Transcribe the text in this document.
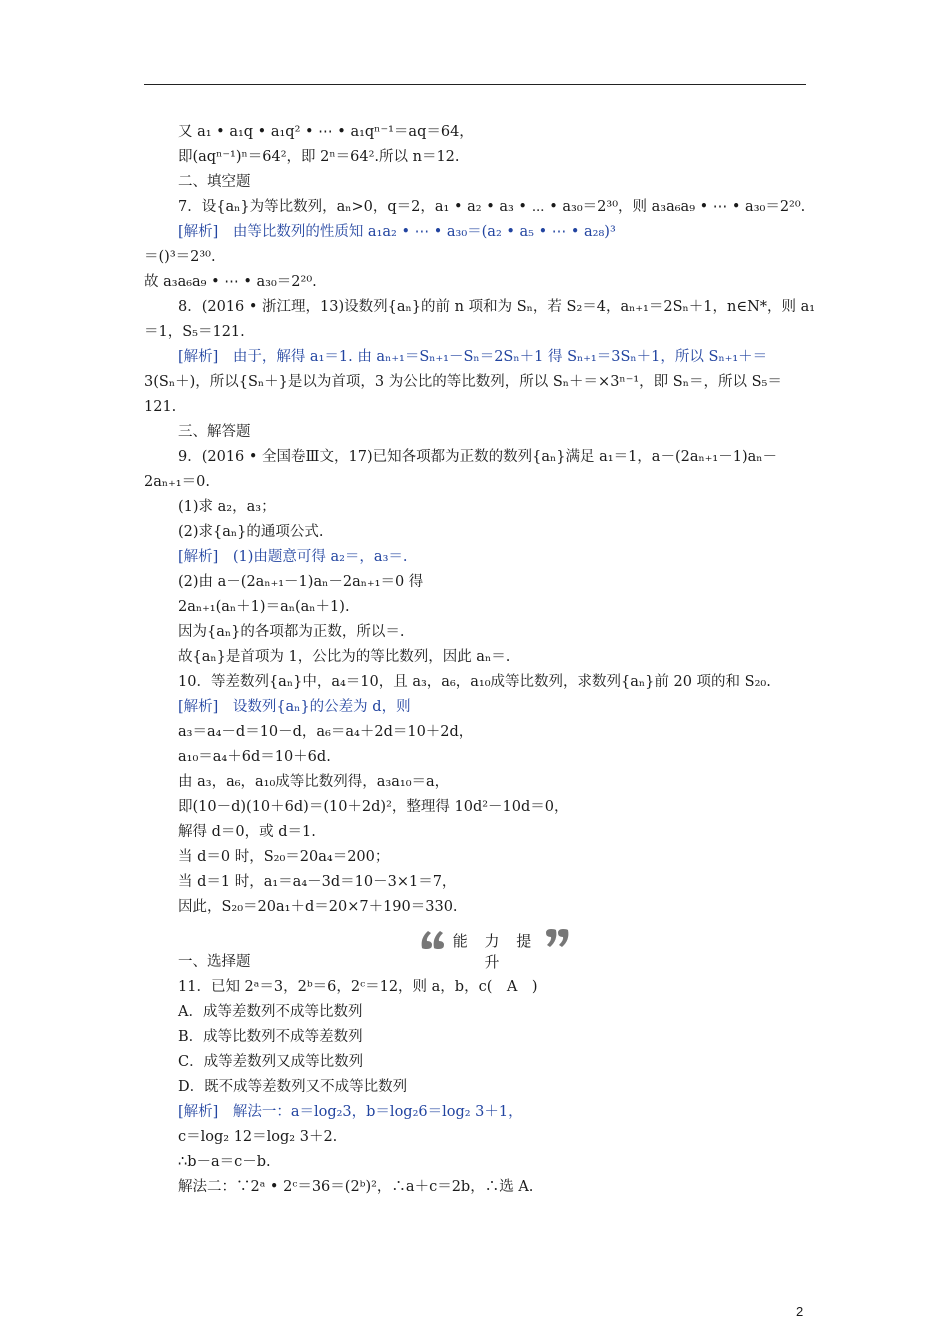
又 a₁ • a₁q • a₁q² • ⋯ • a₁qⁿ⁻¹＝aq＝64，
即(aqⁿ⁻¹)ⁿ＝64²，即 2ⁿ＝64².所以 n＝12.
二、填空题
7．设{aₙ}为等比数列，aₙ>0，q＝2，a₁ • a₂ • a₃ • ⋯ • a₃₀＝2³⁰，则 a₃a₆a₉ • ⋯ • a₃₀＝2²⁰.
[解析]　由等比数列的性质知 a₁a₂ • ⋯ • a₃₀＝(a₂ • a₅ • ⋯ • a₂₈)³
＝()³＝2³⁰.
故 a₃a₆a₉ • ⋯ • a₃₀＝2²⁰.
8．(2016 • 浙江理，13)设数列{aₙ}的前 n 项和为 Sₙ，若 S₂＝4，aₙ₊₁＝2Sₙ＋1，n∈N*，则 a₁
＝1，S₅＝121.
[解析]　由于，解得 a₁＝1. 由 aₙ₊₁＝Sₙ₊₁－Sₙ＝2Sₙ＋1 得 Sₙ₊₁＝3Sₙ＋1，所以 Sₙ₊₁＋＝
3(Sₙ＋)，所以{Sₙ＋}是以为首项，3 为公比的等比数列，所以 Sₙ＋＝×3ⁿ⁻¹，即 Sₙ＝，所以 S₅＝
121.
三、解答题
9．(2016 • 全国卷Ⅲ文，17)已知各项都为正数的数列{aₙ}满足 a₁＝1，a－(2aₙ₊₁－1)aₙ－
2aₙ₊₁＝0.
(1)求 a₂，a₃；
(2)求{aₙ}的通项公式.
[解析]　(1)由题意可得 a₂＝，a₃＝.
(2)由 a－(2aₙ₊₁－1)aₙ－2aₙ₊₁＝0 得
2aₙ₊₁(aₙ＋1)＝aₙ(aₙ＋1).
因为{aₙ}的各项都为正数，所以＝.
故{aₙ}是首项为 1，公比为的等比数列，因此 aₙ＝.
10．等差数列{aₙ}中，a₄＝10，且 a₃，a₆，a₁₀成等比数列，求数列{aₙ}前 20 项的和 S₂₀.
[解析]　设数列{aₙ}的公差为 d，则
a₃＝a₄－d＝10－d，a₆＝a₄＋2d＝10＋2d，
a₁₀＝a₄＋6d＝10＋6d.
由 a₃，a₆，a₁₀成等比数列得，a₃a₁₀＝a，
即(10－d)(10＋6d)＝(10＋2d)²，整理得 10d²－10d＝0，
解得 d＝0，或 d＝1.
当 d＝0 时，S₂₀＝20a₄＝200；
当 d＝1 时，a₁＝a₄－3d＝10－3×1＝7，
因此，S₂₀＝20a₁＋d＝20×7＋190＝330.
一、选择题
11．已知 2ᵃ＝3，2ᵇ＝6，2ᶜ＝12，则 a，b，c(　A　)
A．成等差数列不成等比数列
B．成等比数列不成等差数列
C．成等差数列又成等比数列
D．既不成等差数列又不成等比数列
[解析]　解法一：a＝log₂3，b＝log₂6＝log₂ 3＋1，
c＝log₂ 12＝log₂ 3＋2.
∴b－a＝c－b.
解法二：∵2ᵃ • 2ᶜ＝36＝(2ᵇ)²，∴a＋c＝2b，∴选 A.
能 力 提 升
2
